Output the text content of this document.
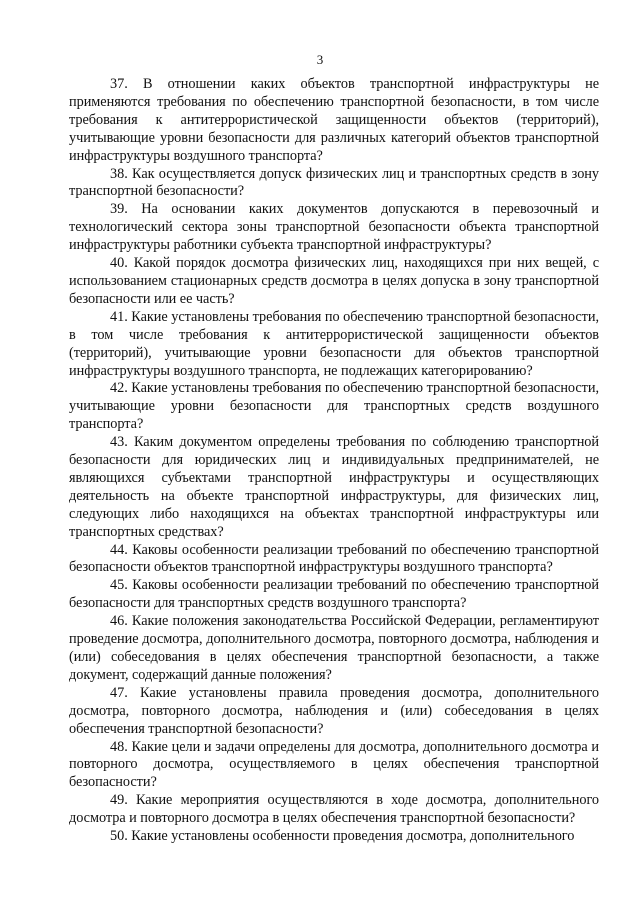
3

37. В отношении каких объектов транспортной инфраструктуры не применяются требования по обеспечению транспортной безопасности, в том числе требования к антитеррористической защищенности объектов (территорий), учитывающие уровни безопасности для различных категорий объектов транспортной инфраструктуры воздушного транспорта?

38. Как осуществляется допуск физических лиц и транспортных средств в зону транспортной безопасности?

39. На основании каких документов допускаются в перевозочный и технологический сектора зоны транспортной безопасности объекта транспортной инфраструктуры работники субъекта транспортной инфраструктуры?

40. Какой порядок досмотра физических лиц, находящихся при них вещей, с использованием стационарных средств досмотра в целях допуска в зону транспортной безопасности или ее часть?

41. Какие установлены требования по обеспечению транспортной безопасности, в том числе требования к антитеррористической защищенности объектов (территорий), учитывающие уровни безопасности для объектов транспортной инфраструктуры воздушного транспорта, не подлежащих категорированию?

42. Какие установлены требования по обеспечению транспортной безопасности, учитывающие уровни безопасности для транспортных средств воздушного транспорта?

43. Каким документом определены требования по соблюдению транспортной безопасности для юридических лиц и индивидуальных предпринимателей, не являющихся субъектами транспортной инфраструктуры и осуществляющих деятельность на объекте транспортной инфраструктуры, для физических лиц, следующих либо находящихся на объектах транспортной инфраструктуры или транспортных средствах?

44. Каковы особенности реализации требований по обеспечению транспортной безопасности объектов транспортной инфраструктуры воздушного транспорта?

45. Каковы особенности реализации требований по обеспечению транспортной безопасности для транспортных средств воздушного транспорта?

46. Какие положения законодательства Российской Федерации, регламентируют проведение досмотра, дополнительного досмотра, повторного досмотра, наблюдения и (или) собеседования в целях обеспечения транспортной безопасности, а также документ, содержащий данные положения?

47. Какие установлены правила проведения досмотра, дополнительного досмотра, повторного досмотра, наблюдения и (или) собеседования в целях обеспечения транспортной безопасности?

48. Какие цели и задачи определены для досмотра, дополнительного досмотра и повторного досмотра, осуществляемого в целях обеспечения транспортной безопасности?

49. Какие мероприятия осуществляются в ходе досмотра, дополнительного досмотра и повторного досмотра в целях обеспечения транспортной безопасности?

50. Какие установлены особенности проведения досмотра, дополнительного
